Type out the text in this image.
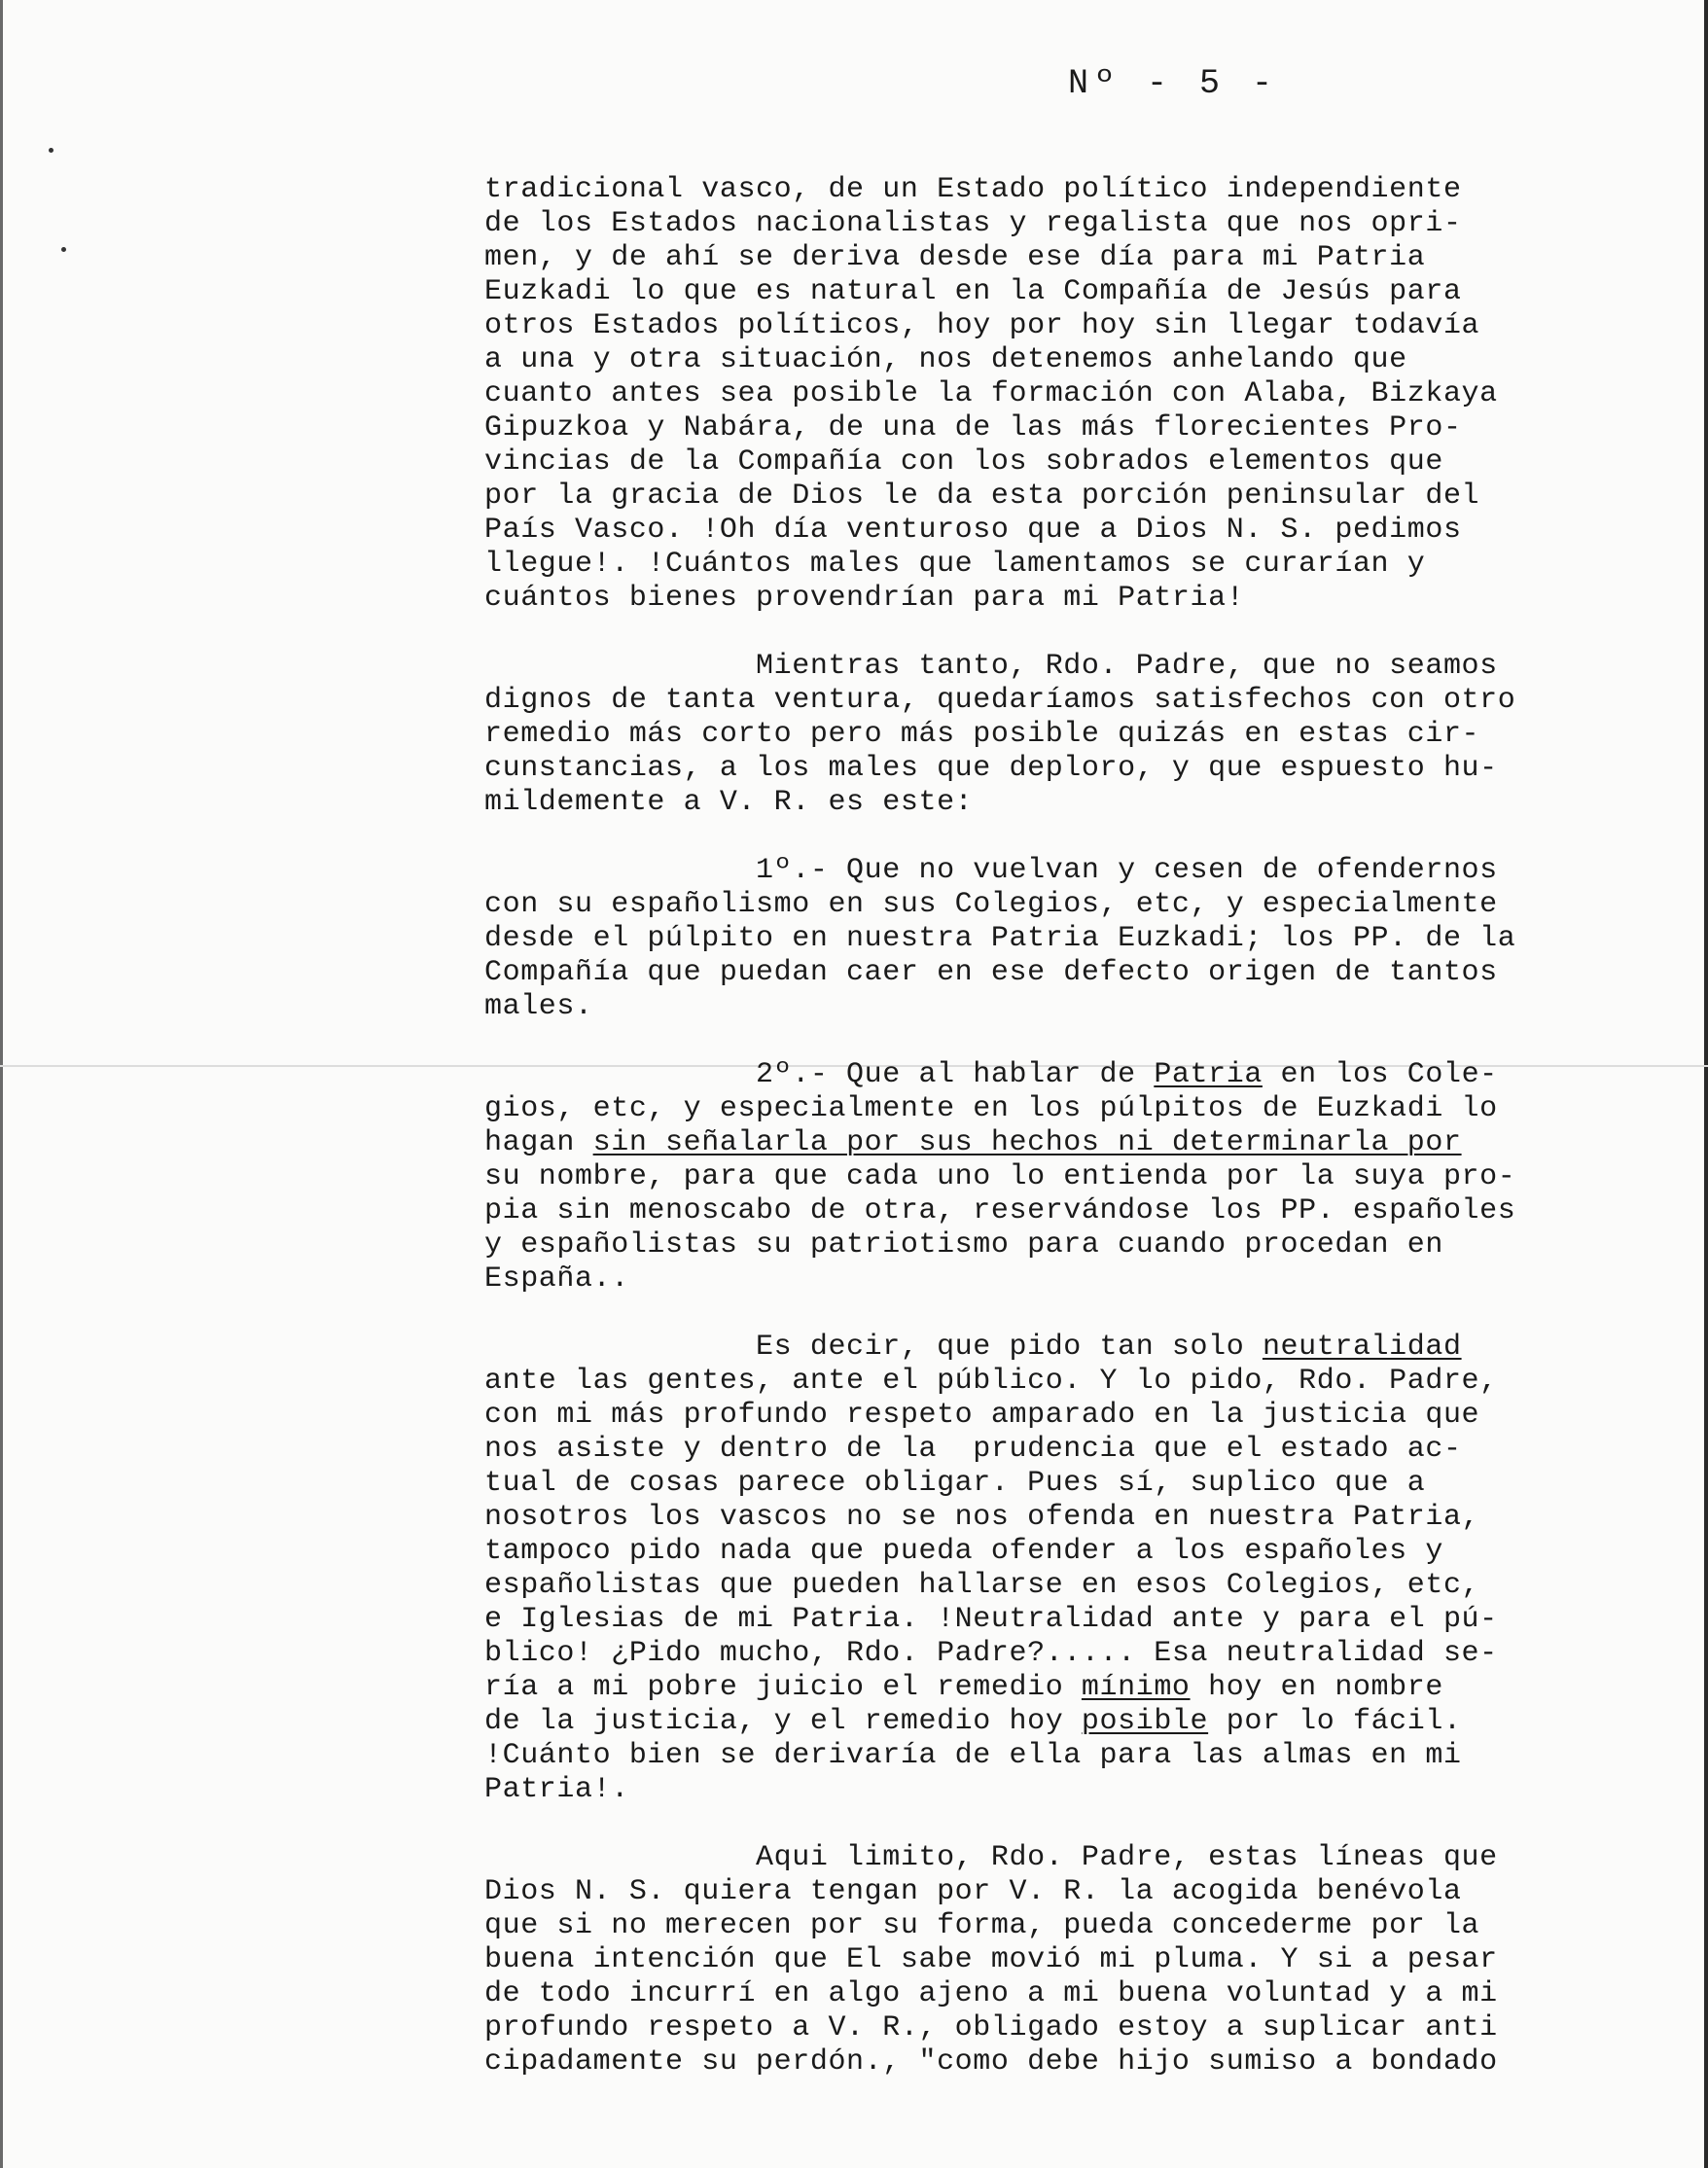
Nº - 5 -
tradicional vasco, de un Estado político independiente
de los Estados nacionalistas y regalista que nos opri-
men, y de ahí se deriva desde ese día para mi Patria
Euzkadi lo que es natural en la Compañía de Jesús para
otros Estados políticos, hoy por hoy sin llegar todavía
a una y otra situación, nos detenemos anhelando que
cuanto antes sea posible la formación con Alaba, Bizkaya
Gipuzkoa y Nabára, de una de las más florecientes Pro-
vincias de la Compañía con los sobrados elementos que
por la gracia de Dios le da esta porción peninsular del
País Vasco. !Oh día venturoso que a Dios N. S. pedimos
llegue!. !Cuántos males que lamentamos se curarían y
cuántos bienes provendrían para mi Patria!
Mientras tanto, Rdo. Padre, que no seamos
dignos de tanta ventura, quedaríamos satisfechos con otro
remedio más corto pero más posible quizás en estas cir-
cunstancias, a los males que deploro, y que espuesto hu-
mildemente a V. R. es este:
1º.- Que no vuelvan y cesen de ofendernos
con su españolismo en sus Colegios, etc, y especialmente
desde el púlpito en nuestra Patria Euzkadi; los PP. de la
Compañía que puedan caer en ese defecto origen de tantos
males.
2º.- Que al hablar de Patria en los Cole-
gios, etc, y especialmente en los púlpitos de Euzkadi lo
hagan sin señalarla por sus hechos ni determinarla por
su nombre, para que cada uno lo entienda por la suya pro-
pia sin menoscabo de otra, reservándose los PP. españoles
y españolistas su patriotismo para cuando procedan en
España..
Es decir, que pido tan solo neutralidad
ante las gentes, ante el público. Y lo pido, Rdo. Padre,
con mi más profundo respeto amparado en la justicia que
nos asiste y dentro de la  prudencia que el estado ac-
tual de cosas parece obligar. Pues sí, suplico que a
nosotros los vascos no se nos ofenda en nuestra Patria,
tampoco pido nada que pueda ofender a los españoles y
españolistas que pueden hallarse en esos Colegios, etc,
e Iglesias de mi Patria. !Neutralidad ante y para el pú-
blico! ¿Pido mucho, Rdo. Padre?..... Esa neutralidad se-
ría a mi pobre juicio el remedio mínimo hoy en nombre
de la justicia, y el remedio hoy posible por lo fácil.
!Cuánto bien se derivaría de ella para las almas en mi
Patria!.
Aqui limito, Rdo. Padre, estas líneas que
Dios N. S. quiera tengan por V. R. la acogida benévola
que si no merecen por su forma, pueda concederme por la
buena intención que El sabe movió mi pluma. Y si a pesar
de todo incurrí en algo ajeno a mi buena voluntad y a mi
profundo respeto a V. R., obligado estoy a suplicar anti
cipadamente su perdón., "como debe hijo sumiso a bondado
